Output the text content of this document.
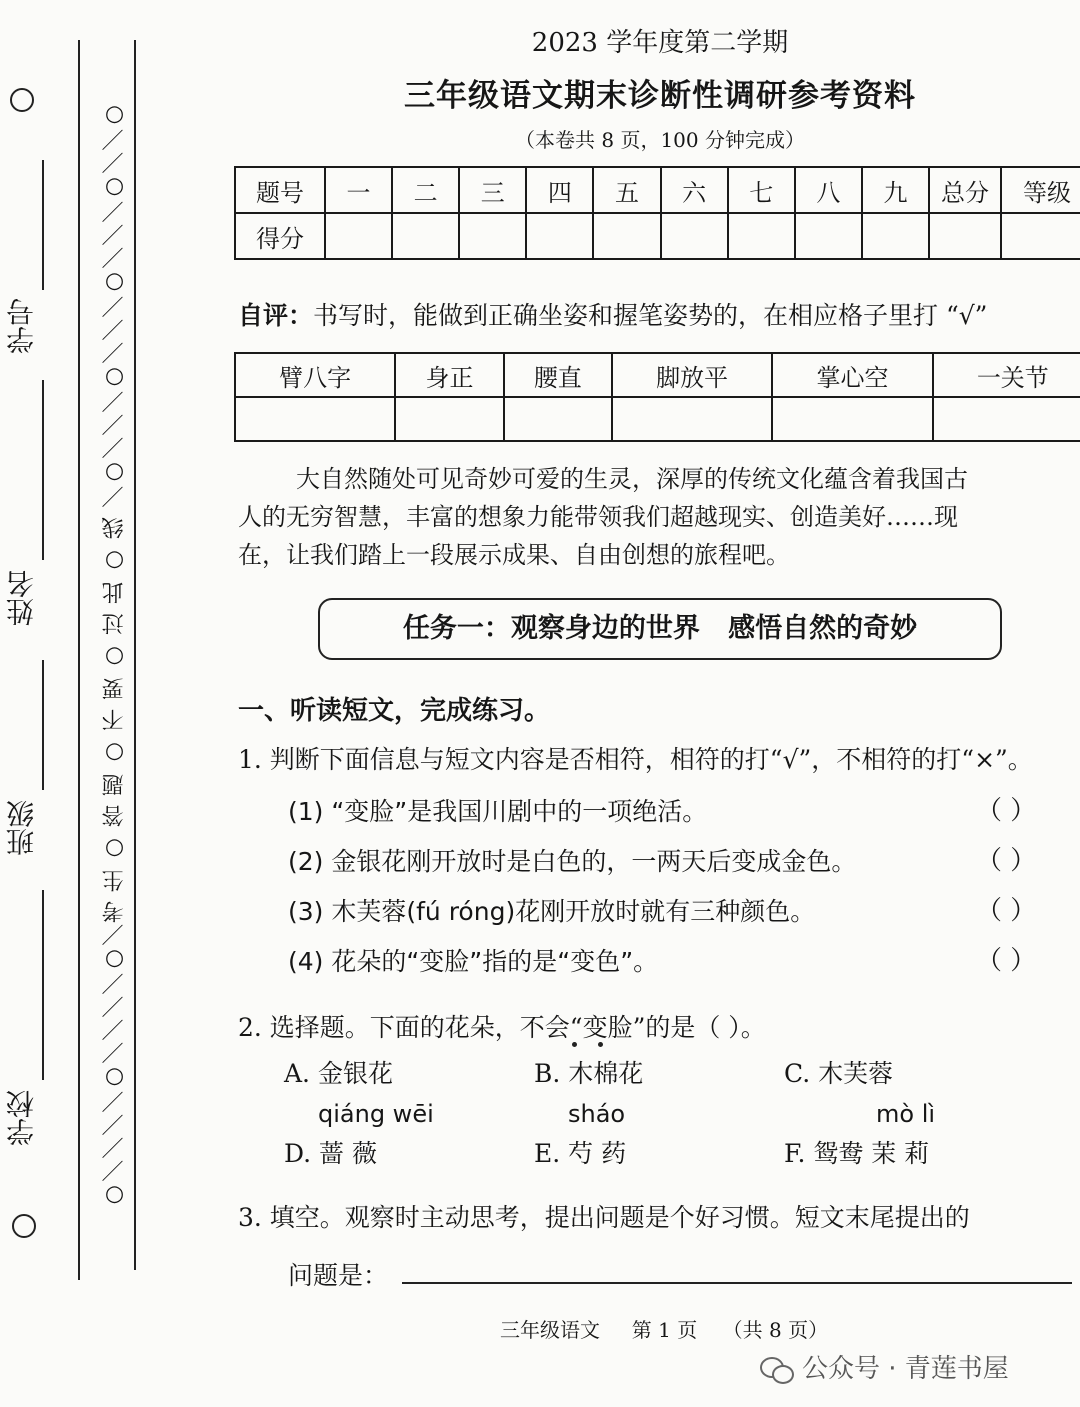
学校
班级
姓名
学号	○／／／／○／／／／○／考 生 ○ 答 题 ○ 不 要 ○ 过 此 ○ 线 ／○／／／○／／／○／／／○／／○
2023 学年度第二学期
三年级语文期末诊断性调研参考资料
（本卷共 8 页，100 分钟完成）
题号	一	二	三	四	五	六	七	八	九	总分	等级
得分											
自评：书写时，能做到正确坐姿和握笔姿势的，在相应格子里打 “√”
臂八字	身正	腰直	脚放平	掌心空	一关节

大自然随处可见奇妙可爱的生灵，深厚的传统文化蕴含着我国古
人的无穷智慧，丰富的想象力能带领我们超越现实、创造美好……现
在，让我们踏上一段展示成果、自由创想的旅程吧。
任务一：观察身边的世界   感悟自然的奇妙
一、听读短文，完成练习。
1. 判断下面信息与短文内容是否相符，相符的打“√”，不相符的打“×”。
(1) “变脸”是我国川剧中的一项绝活。	（ ）
(2) 金银花刚开放时是白色的，一两天后变成金色。	（ ）
(3) 木芙蓉(fú róng)花刚开放时就有三种颜色。	（ ）
(4) 花朵的“变脸”指的是“变色”。	（ ）
2. 选择题。下面的花朵，不会“变脸”的是（ ）。
A. 金银花	B. 木棉花	C. 木芙蓉
qiáng wēi	sháo	mò lì
D. 蔷 薇	E. 芍 药	F. 鸳鸯 茉 莉
3. 填空。观察时主动思考，提出问题是个好习惯。短文末尾提出的
问题是：
三年级语文     第 1 页    （共 8 页）
公众号 · 青莲书屋
